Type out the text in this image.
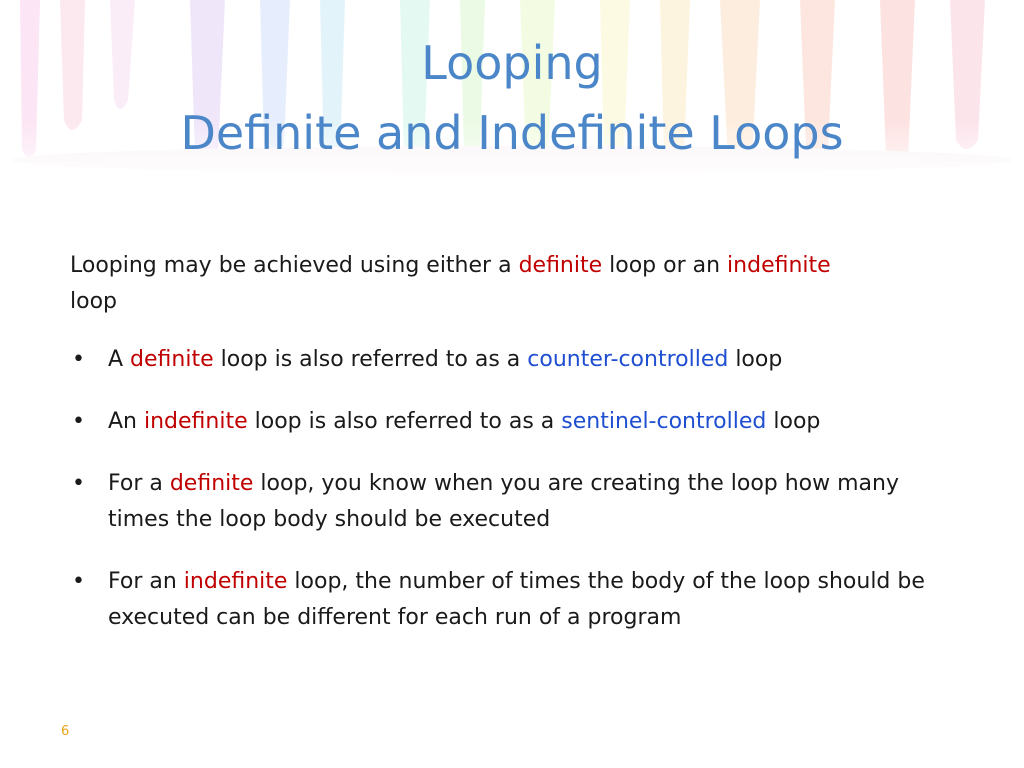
Looping
Definite and Indefinite Loops

Looping may be achieved using either a definite loop or an indefinite
loop

• A definite loop is also referred to as a counter-controlled loop
• An indefinite loop is also referred to as a sentinel-controlled loop
• For a definite loop, you know when you are creating the loop how many times the loop body should be executed
• For an indefinite loop, the number of times the body of the loop should be executed can be different for each run of a program
6
